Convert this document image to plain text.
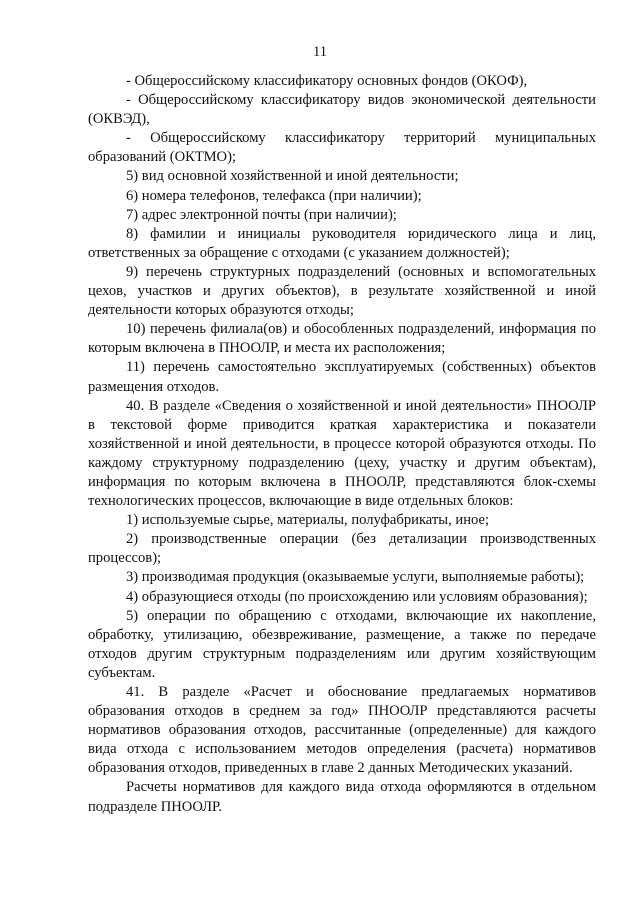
11

- Общероссийскому классификатору основных фондов (ОКОФ),

- Общероссийскому классификатору видов экономической деятельности (ОКВЭД),

- Общероссийскому классификатору территорий муниципальных образований (ОКТМО);

5) вид основной хозяйственной и иной деятельности;

6) номера телефонов, телефакса (при наличии);

7) адрес электронной почты (при наличии);

8) фамилии и инициалы руководителя юридического лица и лиц, ответственных за обращение с отходами (с указанием должностей);

9) перечень структурных подразделений (основных и вспомогательных цехов, участков и других объектов), в результате хозяйственной и иной деятельности которых образуются отходы;

10) перечень филиала(ов) и обособленных подразделений, информация по которым включена в ПНООЛР, и места их расположения;

11) перечень самостоятельно эксплуатируемых (собственных) объектов размещения отходов.

40. В разделе «Сведения о хозяйственной и иной деятельности» ПНООЛР в текстовой форме приводится краткая характеристика и показатели хозяйственной и иной деятельности, в процессе которой образуются отходы. По каждому структурному подразделению (цеху, участку и другим объектам), информация по которым включена в ПНООЛР, представляются блок-схемы технологических процессов, включающие в виде отдельных блоков:

1) используемые сырье, материалы, полуфабрикаты, иное;

2) производственные операции (без детализации производственных процессов);

3) производимая продукция (оказываемые услуги, выполняемые работы);

4) образующиеся отходы (по происхождению или условиям образования);

5) операции по обращению с отходами, включающие их накопление, обработку, утилизацию, обезвреживание, размещение, а также по передаче отходов другим структурным подразделениям или другим хозяйствующим субъектам.

41. В разделе «Расчет и обоснование предлагаемых нормативов образования отходов в среднем за год» ПНООЛР представляются расчеты нормативов образования отходов, рассчитанные (определенные) для каждого вида отхода с использованием методов определения (расчета) нормативов образования отходов, приведенных в главе 2 данных Методических указаний.

Расчеты нормативов для каждого вида отхода оформляются в отдельном подразделе ПНООЛР.
